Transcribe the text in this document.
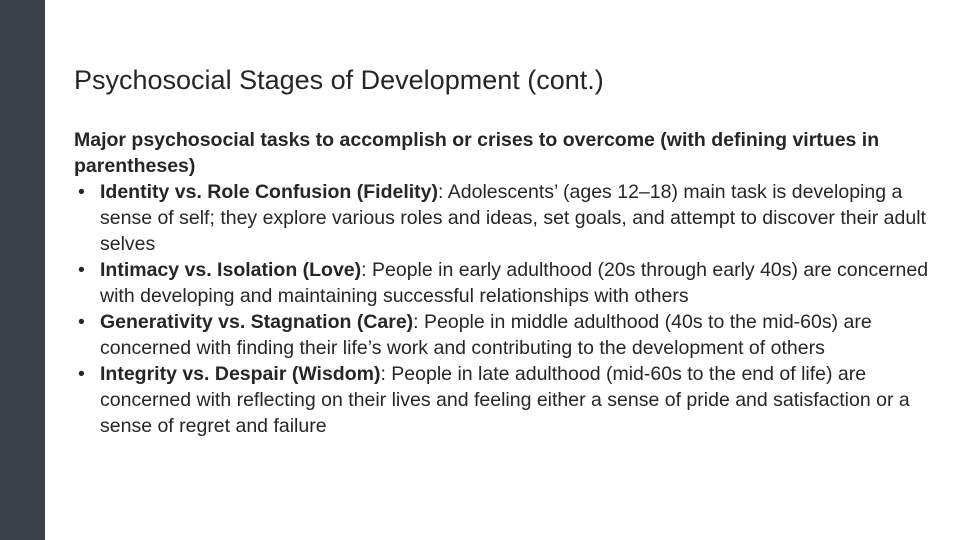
Psychosocial Stages of Development (cont.)

Major psychosocial tasks to accomplish or crises to overcome (with defining virtues in parentheses)

• Identity vs. Role Confusion (Fidelity): Adolescents’ (ages 12–18) main task is developing a sense of self; they explore various roles and ideas, set goals, and attempt to discover their adult selves
• Intimacy vs. Isolation (Love): People in early adulthood (20s through early 40s) are concerned with developing and maintaining successful relationships with others
• Generativity vs. Stagnation (Care): People in middle adulthood (40s to the mid-60s) are concerned with finding their life’s work and contributing to the development of others
• Integrity vs. Despair (Wisdom): People in late adulthood (mid-60s to the end of life) are concerned with reflecting on their lives and feeling either a sense of pride and satisfaction or a sense of regret and failure
